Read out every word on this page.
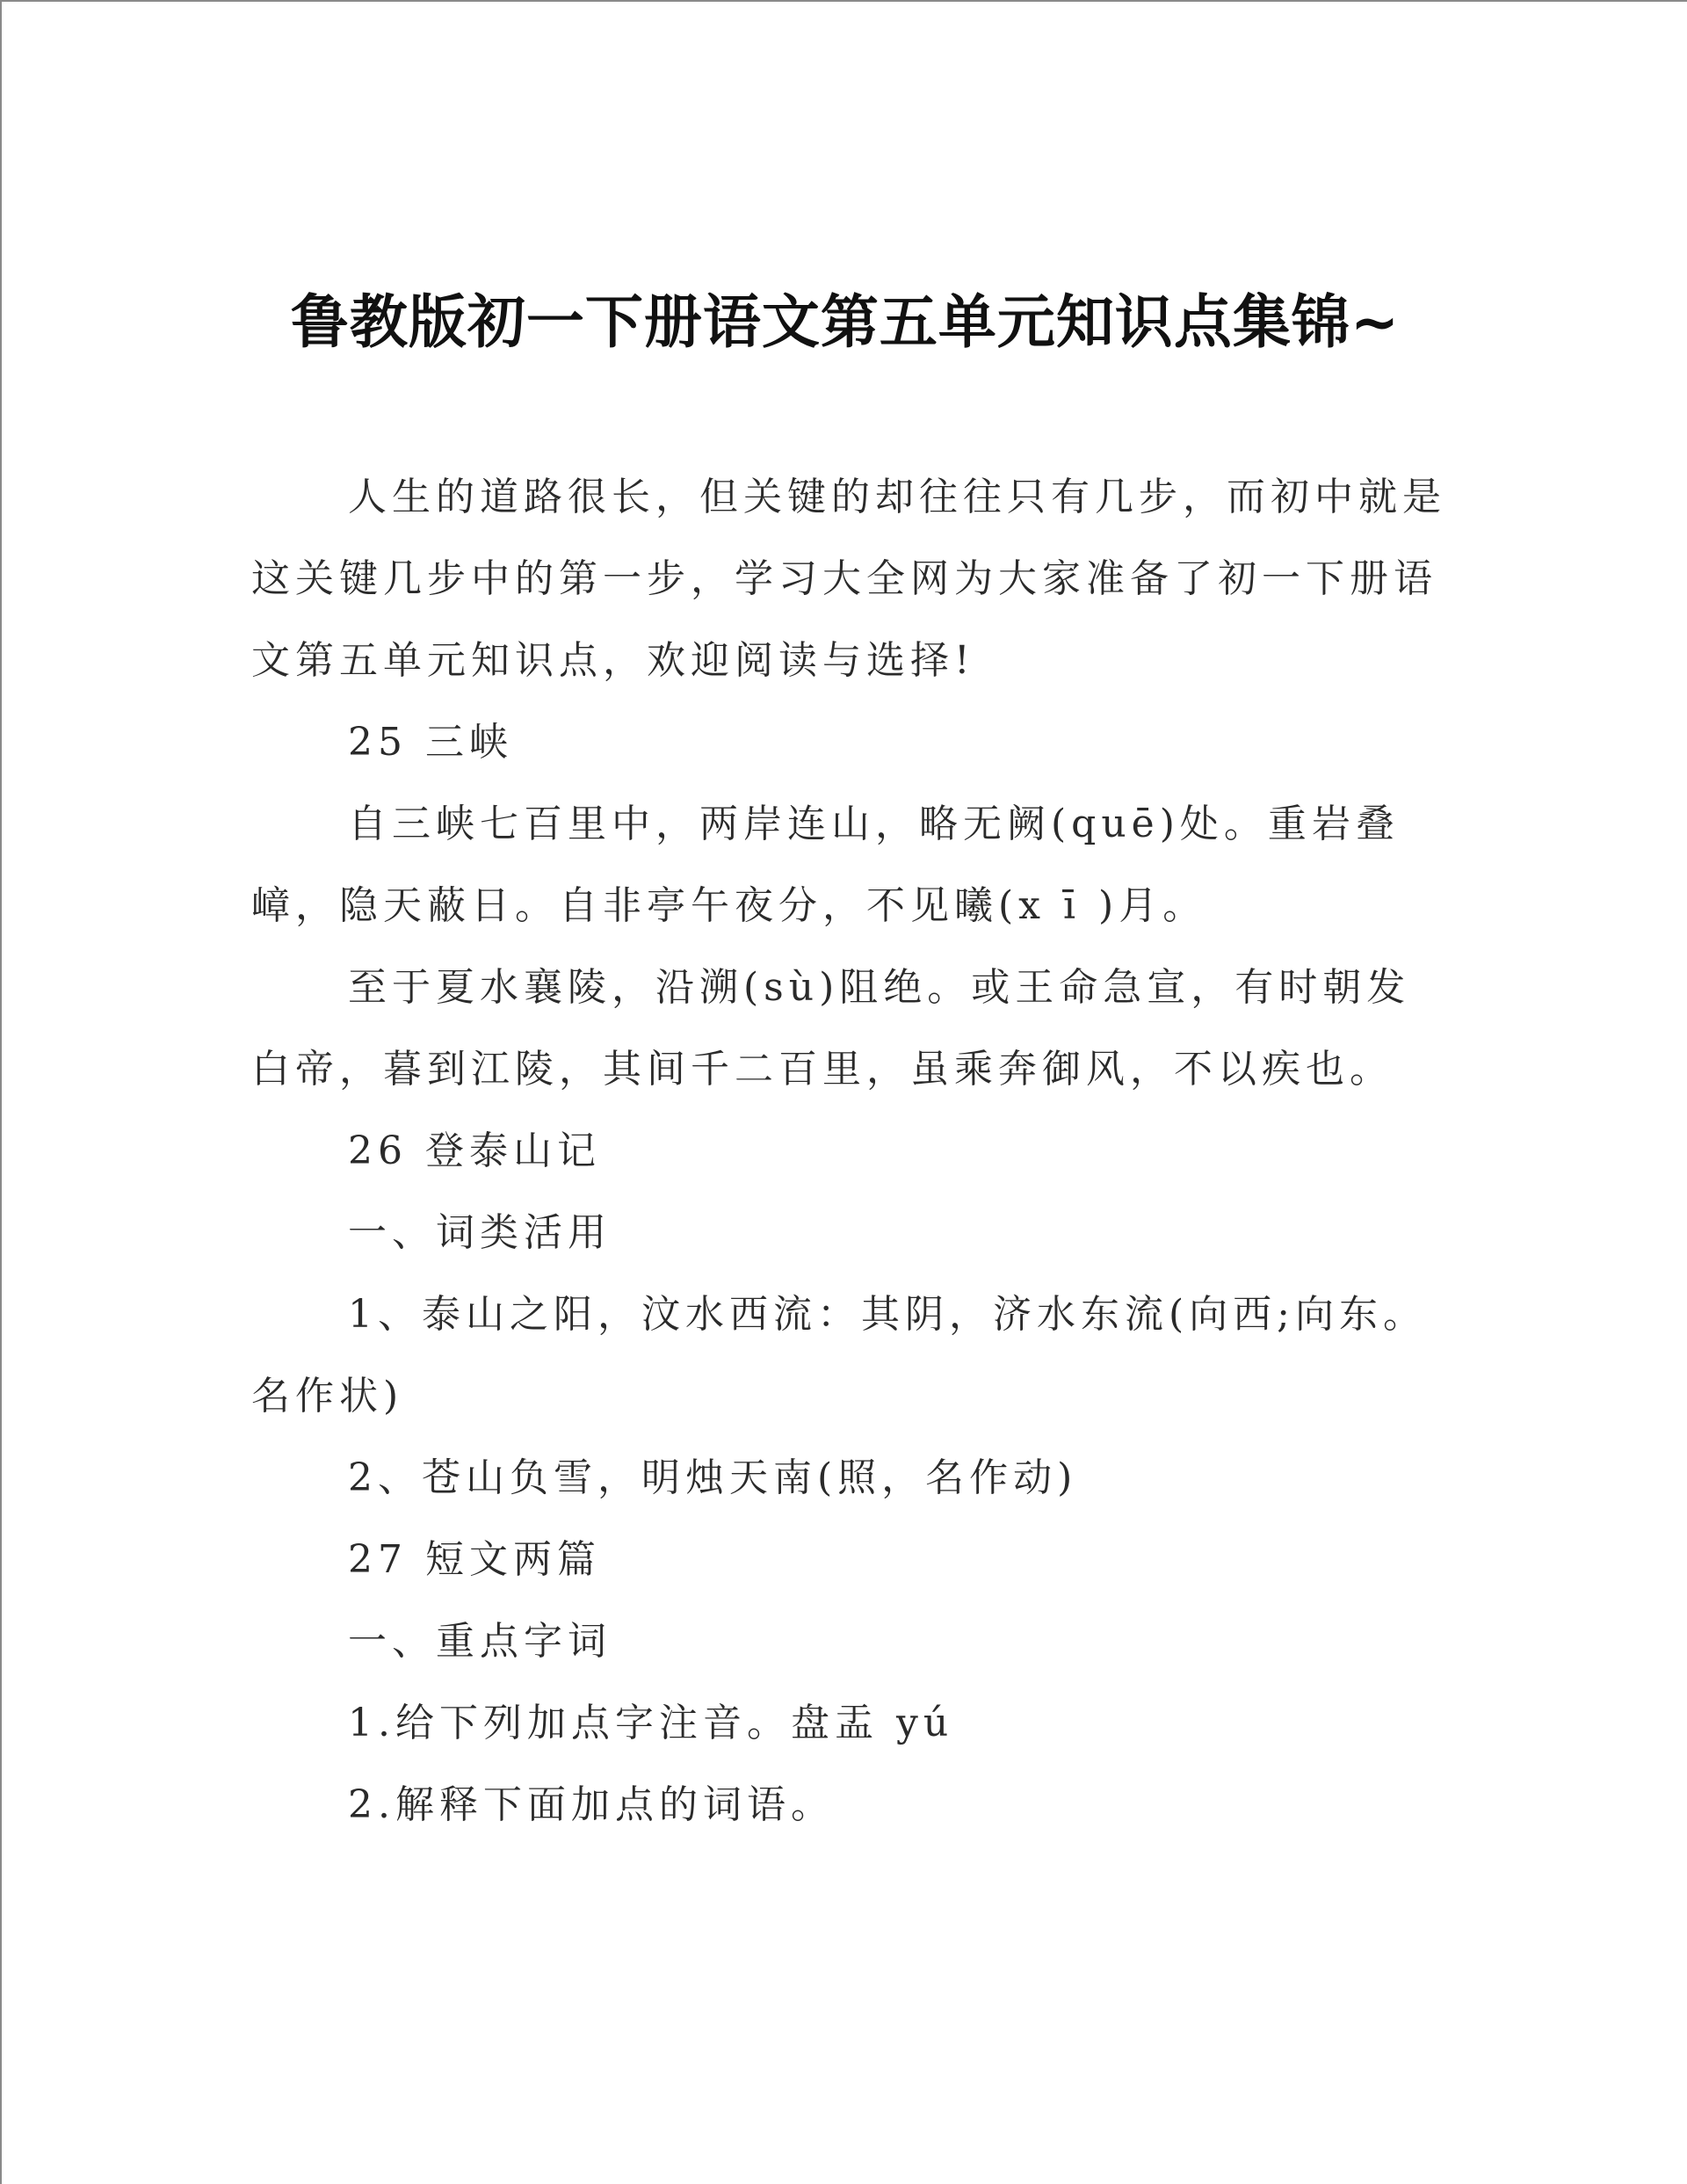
鲁教版初一下册语文第五单元知识点集锦~

人生的道路很长，但关键的却往往只有几步，而初中就是这关键几步中的第一步，学习大全网为大家准备了初一下册语文第五单元知识点，欢迎阅读与选择!

25 三峡

自三峡七百里中，两岸连山，略无阙(quē)处。重岩叠嶂，隐天蔽日。自非亭午夜分，不见曦(x ī )月。

至于夏水襄陵，沿溯(sù)阻绝。或王命急宣，有时朝发白帝，暮到江陵，其间千二百里，虽乘奔御风，不以疾也。

26 登泰山记

一、词类活用

1、泰山之阳，汶水西流：其阴，济水东流(向西;向东。名作状)

2、苍山负雪，明烛天南(照，名作动)

27 短文两篇

一、重点字词

1.给下列加点字注音。盘盂 yú

2.解释下面加点的词语。
